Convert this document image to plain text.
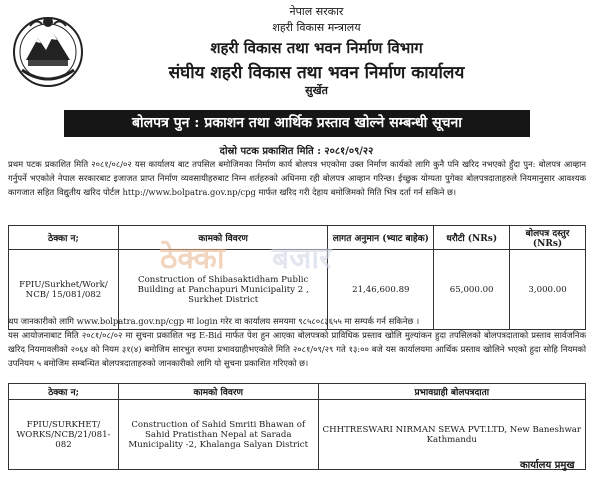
नेपाल सरकार
शहरी विकास मन्त्रालय
शहरी विकास तथा भवन निर्माण विभाग
संघीय शहरी विकास तथा भवन निर्माण कार्यालय
सुर्खेत
बोलपत्र पुन : प्रकाशन तथा आर्थिक प्रस्ताव खोल्ने सम्बन्धी सूचना
दोस्रो पटक प्रकाशित मिति : २०८१/०९/२२
प्रथम पटक प्रकाशित मिति २०८१/०८/०२ यस कार्यालय बाट तपसिल बमोजिमका निर्माण कार्य बोलपत्र भएकोमा उक्त निर्माण कार्यको लागि कुनै पनि खरिद नभएको हुँदा पुन: बोलपत्र आव्हान गर्नुपर्ने भएकोले नेपाल सरकारबाट इजाजत प्राप्त निर्माण व्यवसायीहरुबाट निम्न शर्तहरुको अधिनमा रही बोलपत्र आव्हान गरिन्छ। ईच्छुक योग्यता पुगेका बोलपत्रदाताहरुले नियमानुसार आवश्यक कागजात सहित विद्युतीय खरिद पोर्टल http://www.bolpatra.gov.np/cpg मार्फत खरिद गरी देहाय बमोजिमको मिति भित्र दर्ता गर्न सकिने छ।
ठेक्का न;	कामको विवरण	लागत अनुमान (भ्याट बाहेक)	धरौटी (NRs)	बोलपत्र दस्तुर (NRs)
FPIU/Surkhet/Work/ NCB/ 15/081/082	Construction of Shibasaktidham Public Building at Panchapuri Municipality 2 , Surkhet District	21,46,600.89	65,000.00	3,000.00
ठेक्का बजार
थप जानकारीको लागि www.bolpatra.gov.np/cgp मा login गरेर वा कार्यालय समयमा ९८५८०८३६५५ मा सम्पर्क गर्न सकिनेछ ।
यस आयोजनाबाट मिति २०८१/०८/०२ मा सुचना प्रकाशित भइ E-Bid मार्फत पेश हुन आएका बोलपत्रको प्राविधिक प्रस्ताव खोलि मुल्यांकन हुदा तपसिलको बोलपत्रदाताको प्रस्ताव सार्वजनिक खरिद नियमावलीको २०६४ को नियम ३१(४) बमोजिम सारभुत रुपमा प्रभावग्राहीभएकोले मिति २०८१/०९/२९ गते १३:०० बजे यस कार्यालयमा आर्थिक प्रस्ताव खोलिने भएको हुदा सोहि नियमको उपनियम ५ बमोजिम सम्बन्धित बोलपत्रदाताहरुको जानकारीको लागि यो सुचना प्रकाशित गरिएको छ।
ठेक्का न;	कामको विवरण	प्रभावग्राही बोलपत्रदाता
FPIU/SURKHET/ WORKS/NCB/21/081- 082	Construction of Sahid Smriti Bhawan of Sahid Pratisthan Nepal at Sarada Municipality -2, Khalanga Salyan District	CHHTRESWARI NIRMAN SEWA PVT.LTD, New Baneshwar Kathmandu
कार्यालय प्रमुख
